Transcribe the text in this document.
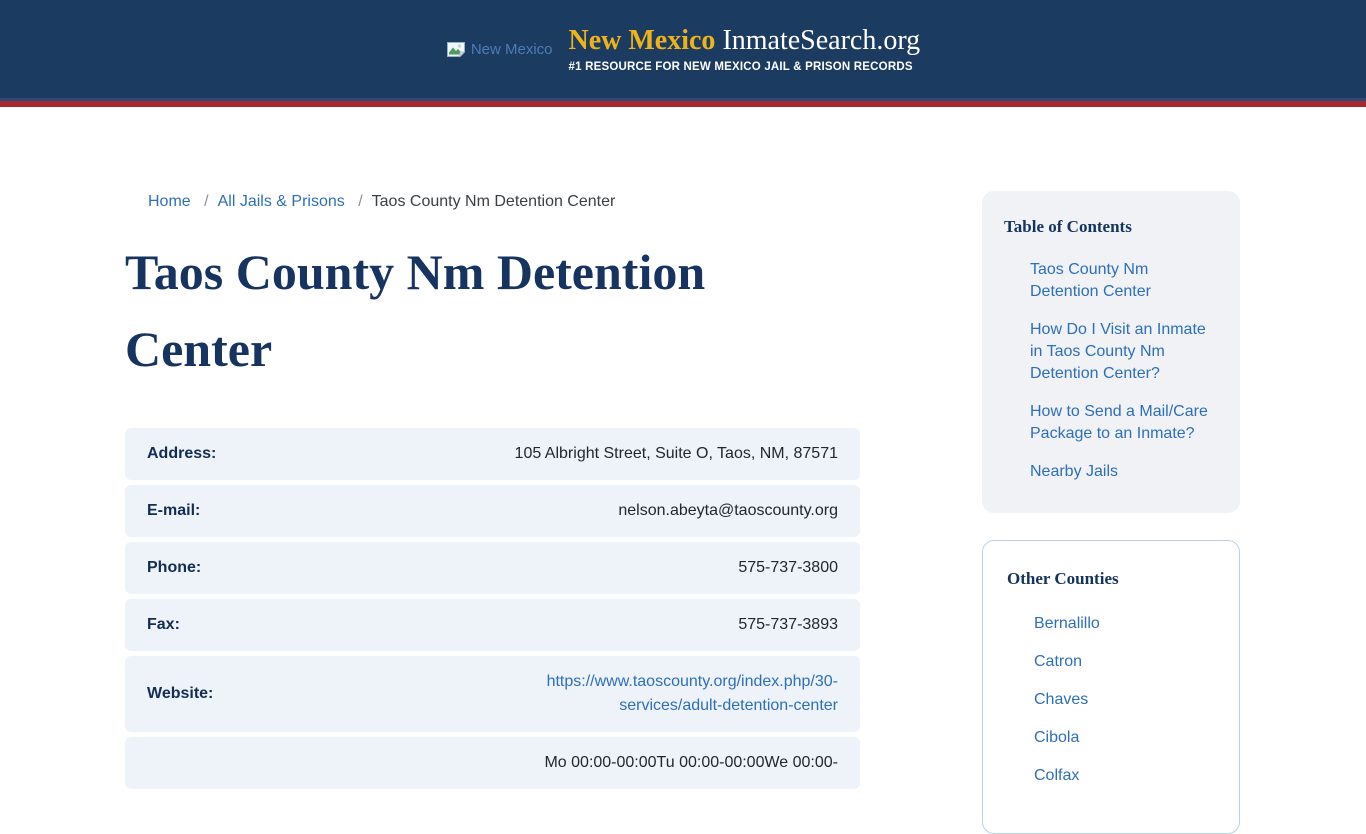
New Mexico New Mexico InmateSearch.org
#1 RESOURCE FOR NEW MEXICO JAIL & PRISON RECORDS
Home / All Jails & Prisons / Taos County Nm Detention Center
Taos County Nm Detention Center
Address:	105 Albright Street, Suite O, Taos, NM, 87571
E-mail:	nelson.abeyta@taoscounty.org
Phone:	575-737-3800
Fax:	575-737-3893
Website:
https://www.taoscounty.org/index.php/30-services/adult-detention-center
Mo 00:00-00:00Tu 00:00-00:00We 00:00-
Table of Contents
Taos County Nm Detention Center
How Do I Visit an Inmate in Taos County Nm Detention Center?
How to Send a Mail/Care Package to an Inmate?
Nearby Jails
Other Counties
Bernalillo
Catron
Chaves
Cibola
Colfax
